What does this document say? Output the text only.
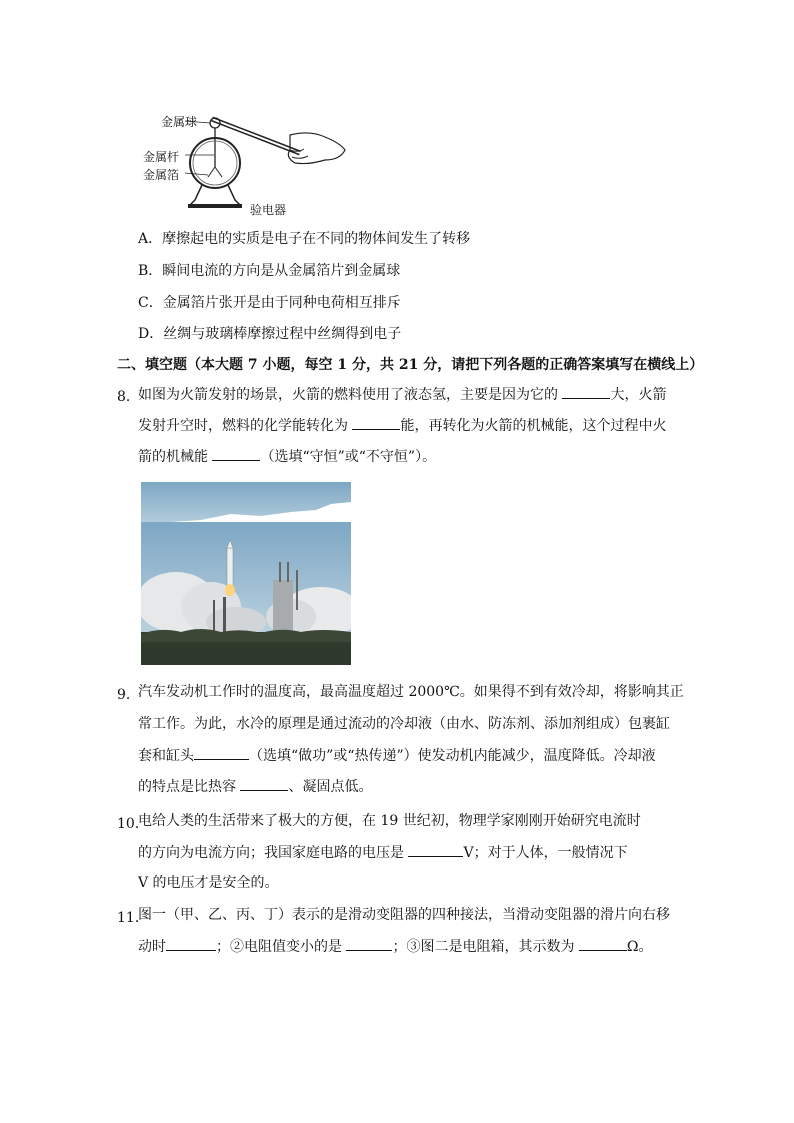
金属球
金属杆
金属箔
验电器
A．摩擦起电的实质是电子在不同的物体间发生了转移
B．瞬间电流的方向是从金属箔片到金属球
C．金属箔片张开是由于同种电荷相互排斥
D．丝绸与玻璃棒摩擦过程中丝绸得到电子
二、填空题（本大题 7 小题，每空 1 分，共 21 分，请把下列各题的正确答案填写在横线上）
8．
如图为火箭发射的场景，火箭的燃料使用了液态氢，主要是因为它的	大，火箭
发射升空时，燃料的化学能转化为	能，再转化为火箭的机械能，这个过程中火
箭的机械能	（选填“守恒”或“不守恒”）。
9．
汽车发动机工作时的温度高，最高温度超过 2000℃。如果得不到有效冷却，将影响其正
常工作。为此，水冷的原理是通过流动的冷却液（由水、防冻剂、添加剂组成）包裹缸
套和缸头	（选填“做功”或“热传递”）使发动机内能减少，温度降低。冷却液
的特点是比热容	、凝固点低。
10．
电给人类的生活带来了极大的方便，在 19 世纪初，物理学家刚刚开始研究电流时
的方向为电流方向；我国家庭电路的电压是	V；对于人体，一般情况下
V 的电压才是安全的。
11．
图一（甲、乙、丙、丁）表示的是滑动变阻器的四种接法，当滑动变阻器的滑片向右移
动时	；②电阻值变小的是	；③图二是电阻箱，其示数为	Ω。
